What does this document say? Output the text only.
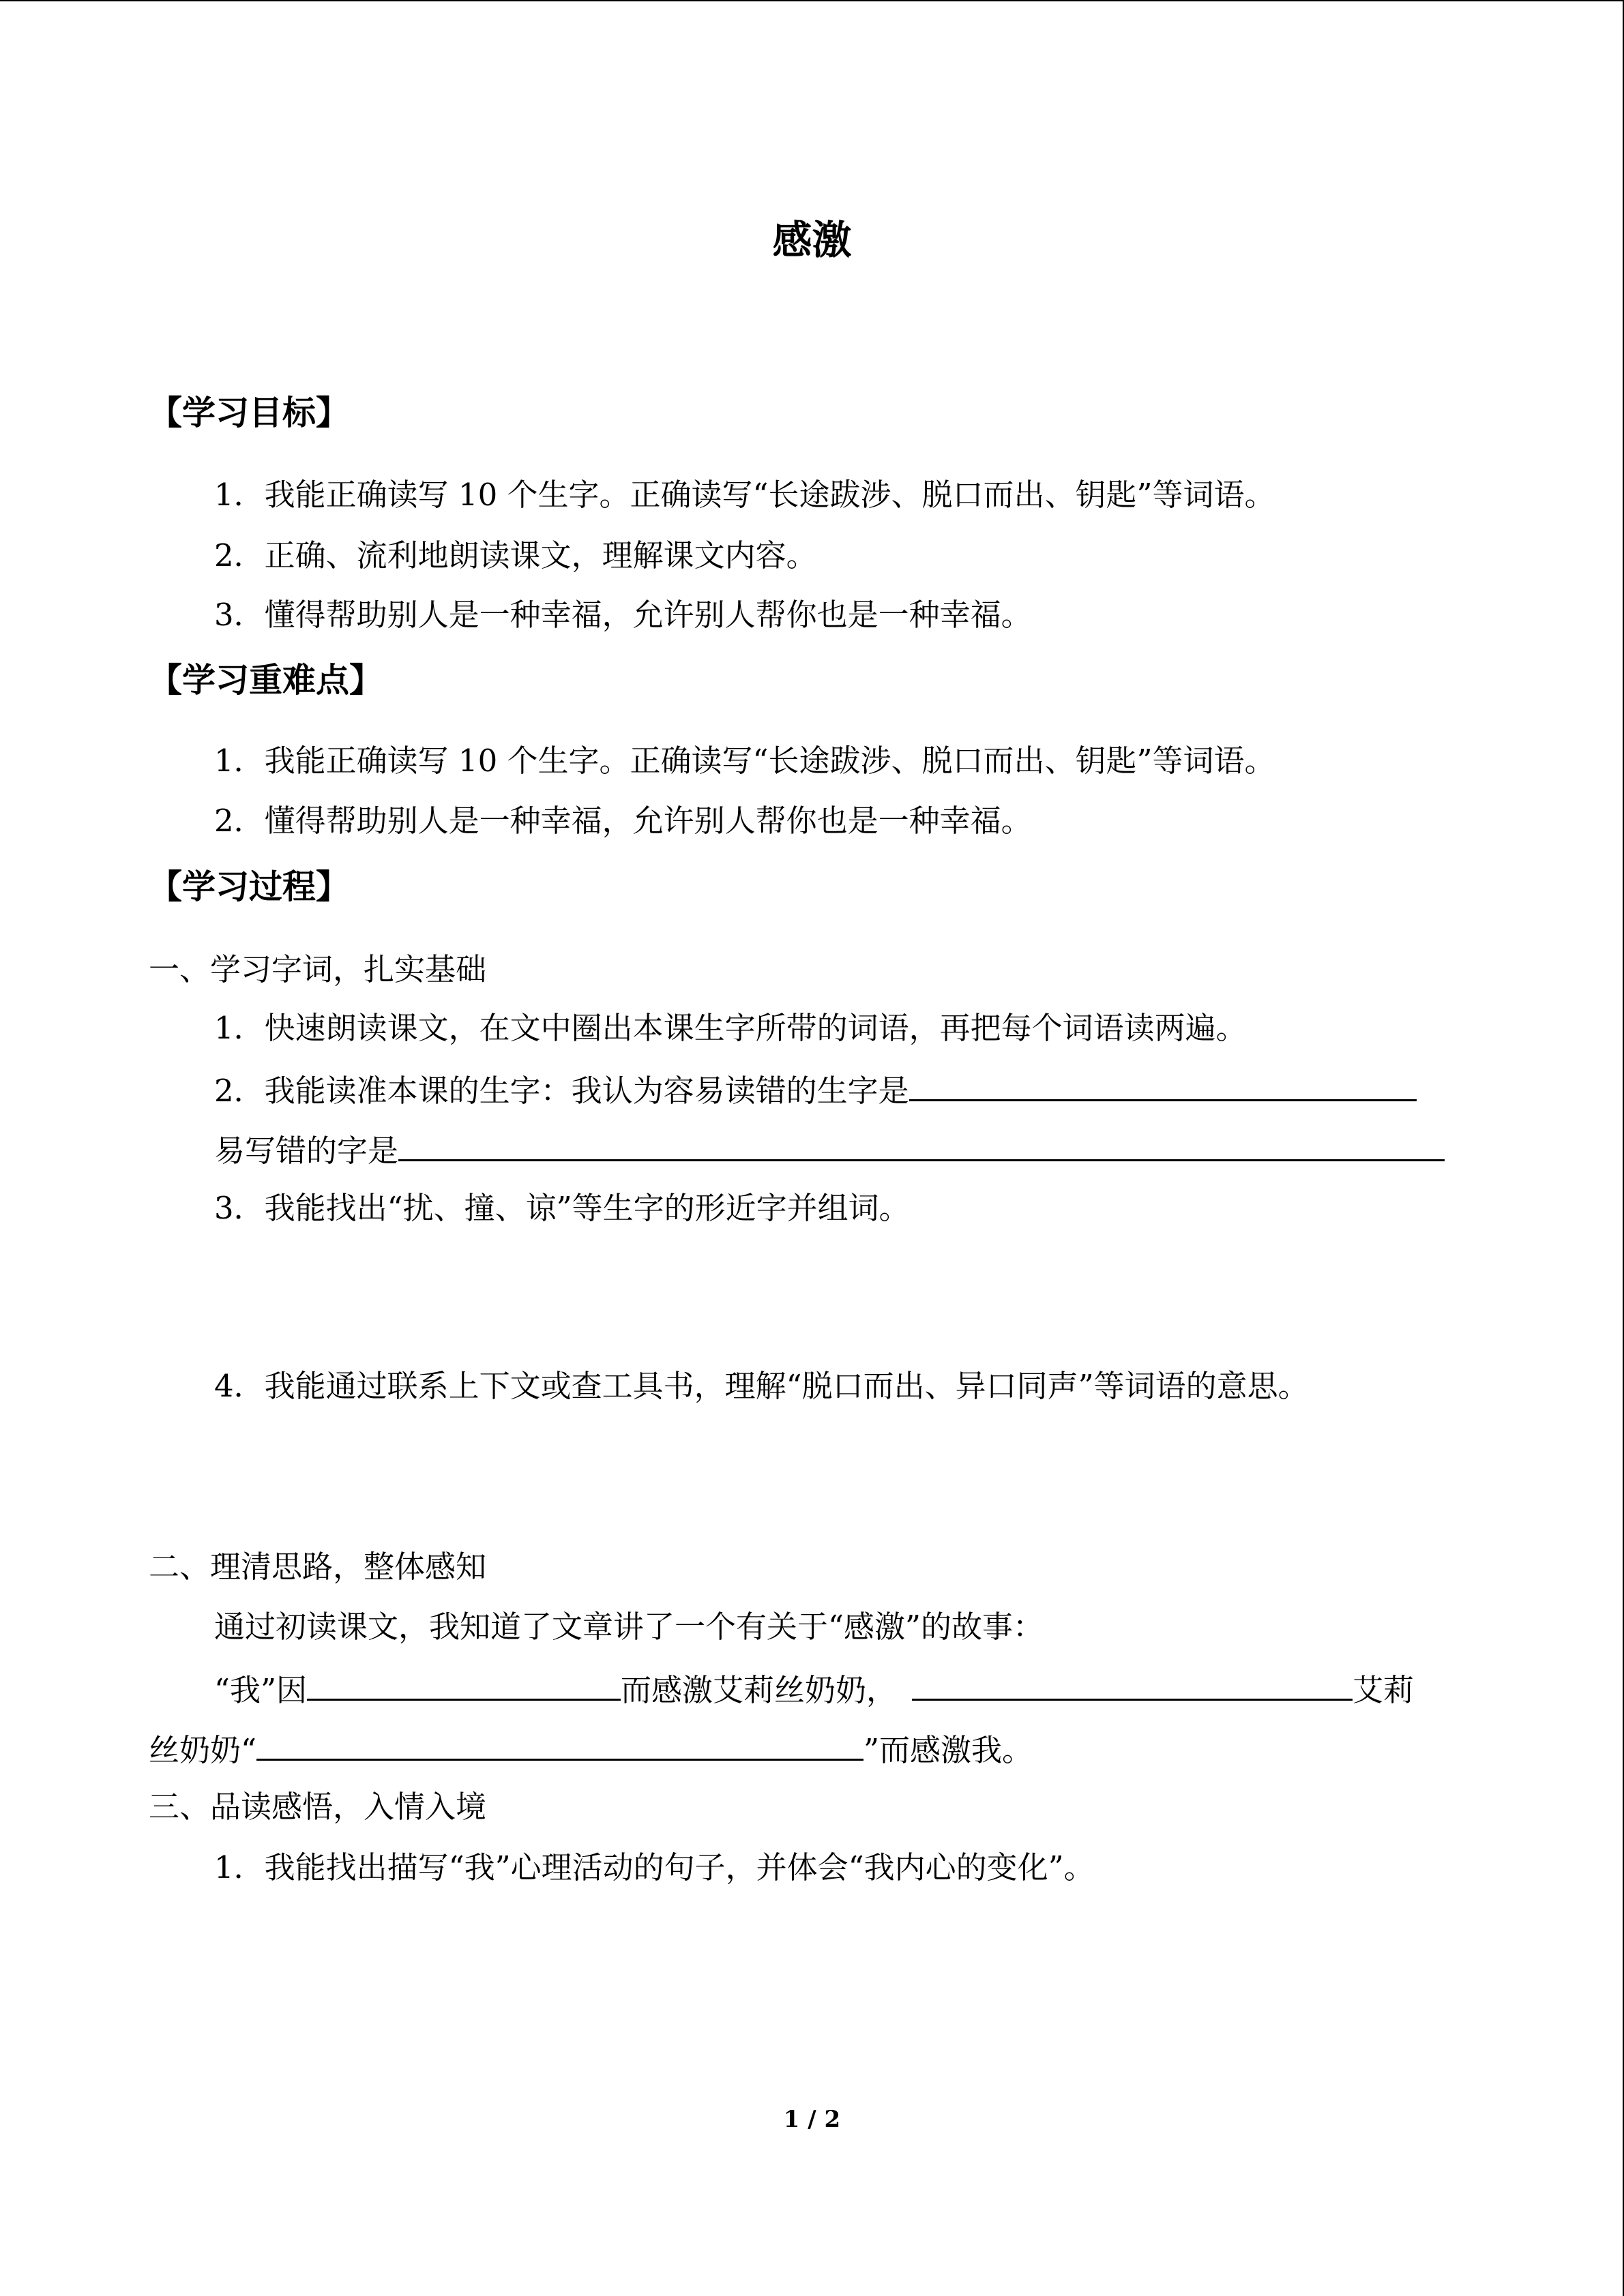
感激
【学习目标】
1．我能正确读写 10 个生字。正确读写“长途跋涉、脱口而出、钥匙”等词语。
2．正确、流利地朗读课文，理解课文内容。
3．懂得帮助别人是一种幸福，允许别人帮你也是一种幸福。
【学习重难点】
1．我能正确读写 10 个生字。正确读写“长途跋涉、脱口而出、钥匙”等词语。
2．懂得帮助别人是一种幸福，允许别人帮你也是一种幸福。
【学习过程】
一、学习字词，扎实基础
1．快速朗读课文，在文中圈出本课生字所带的词语，再把每个词语读两遍。
2．我能读准本课的生字：我认为容易读错的生字是
易写错的字是
3．我能找出“扰、撞、谅”等生字的形近字并组词。
4．我能通过联系上下文或查工具书，理解“脱口而出、异口同声”等词语的意思。
二、理清思路，整体感知
通过初读课文，我知道了文章讲了一个有关于“感激”的故事：
“我”因	而感激艾莉丝奶奶，	艾莉
丝奶奶“	”而感激我。
三、品读感悟，入情入境
1．我能找出描写“我”心理活动的句子，并体会“我内心的变化”。
1 / 2
